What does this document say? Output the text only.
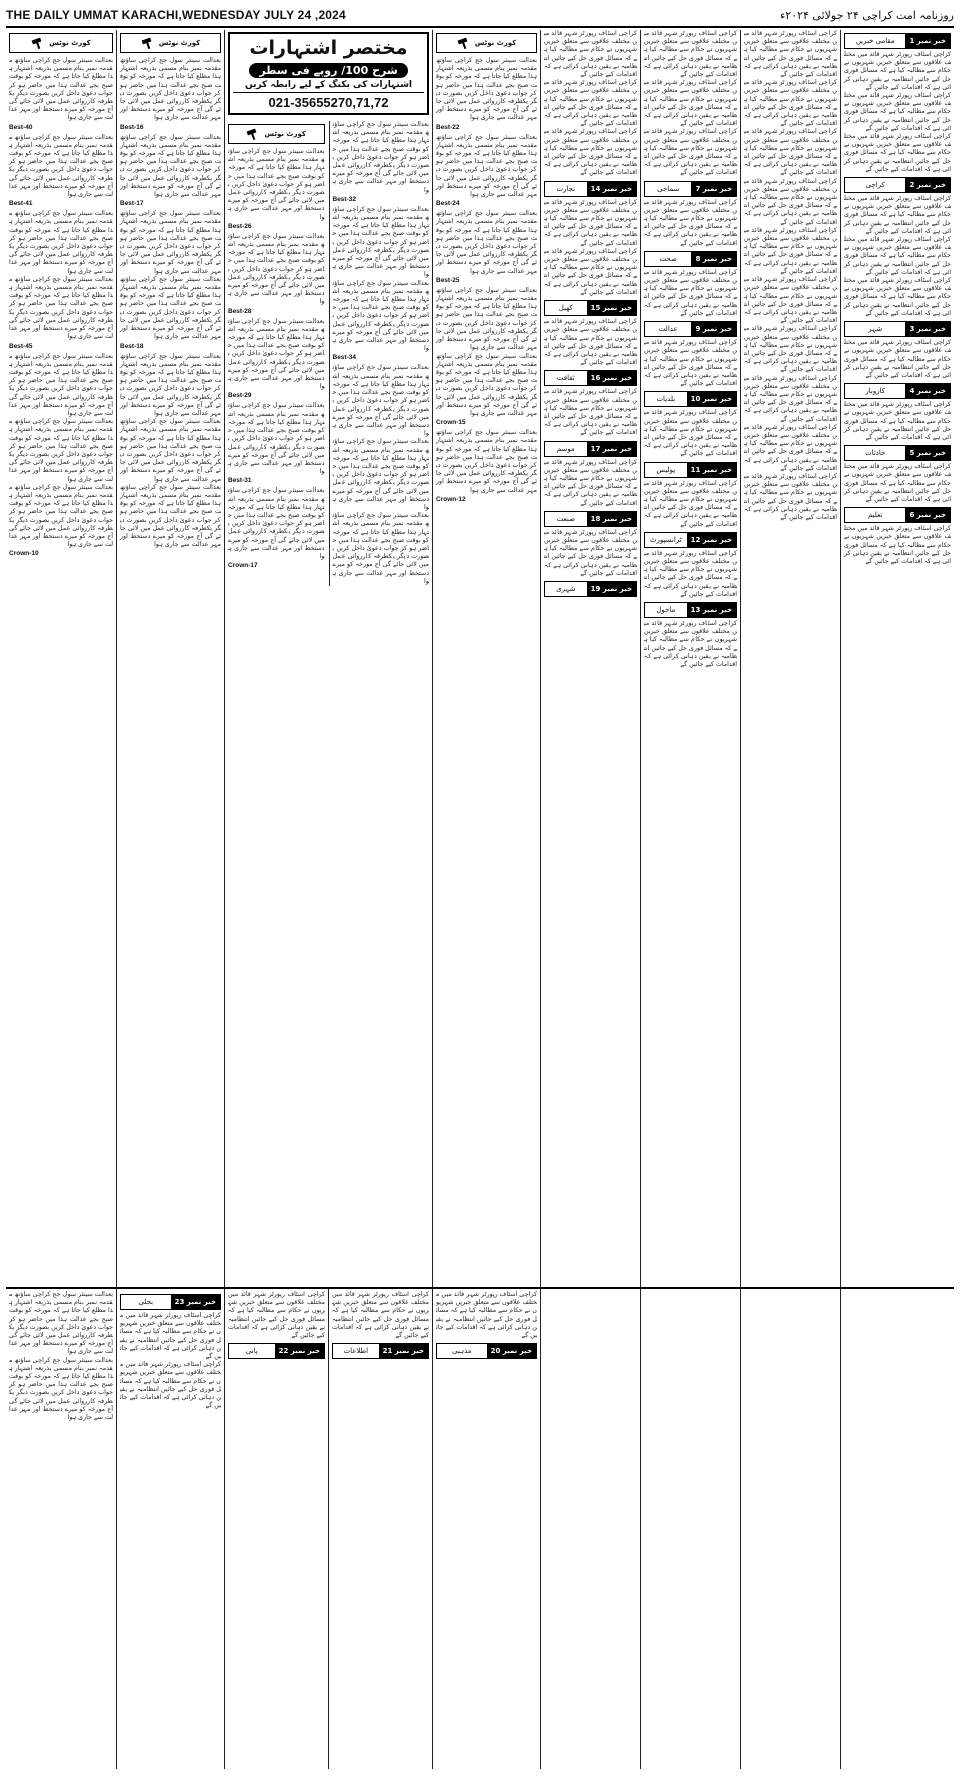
THE DAILY UMMAT KARACHI,WEDNESDAY JULY 24 ,2024	روزنامہ امت کراچی ۲۴ جولائی ۲۰۲۴ء
کورٹ نوٹس
بعدالت سینئر سول جج کراچی ساؤتھ مقدمہ نمبر بنام مسمی بذریعہ اشتہار ہذا مطلع کیا جاتا ہے کہ مورخہ کو بوقت صبح بجے عدالت ہذا میں حاضر ہو کر جواب دعویٰ داخل کریں بصورت دیگر یکطرفہ کارروائی عمل میں لائی جائے گی آج مورخہ کو میرے دستخط اور مہر عدالت سے جاری ہوا
Best-40
بعدالت سینئر سول جج کراچی ساؤتھ مقدمہ نمبر بنام مسمی بذریعہ اشتہار ہذا مطلع کیا جاتا ہے کہ مورخہ کو بوقت صبح بجے عدالت ہذا میں حاضر ہو کر جواب دعویٰ داخل کریں بصورت دیگر یکطرفہ کارروائی عمل میں لائی جائے گی آج مورخہ کو میرے دستخط اور مہر عدالت سے جاری ہوا
Best-41
بعدالت سینئر سول جج کراچی ساؤتھ مقدمہ نمبر بنام مسمی بذریعہ اشتہار ہذا مطلع کیا جاتا ہے کہ مورخہ کو بوقت صبح بجے عدالت ہذا میں حاضر ہو کر جواب دعویٰ داخل کریں بصورت دیگر یکطرفہ کارروائی عمل میں لائی جائے گی آج مورخہ کو میرے دستخط اور مہر عدالت سے جاری ہوا
بعدالت سینئر سول جج کراچی ساؤتھ مقدمہ نمبر بنام مسمی بذریعہ اشتہار ہذا مطلع کیا جاتا ہے کہ مورخہ کو بوقت صبح بجے عدالت ہذا میں حاضر ہو کر جواب دعویٰ داخل کریں بصورت دیگر یکطرفہ کارروائی عمل میں لائی جائے گی آج مورخہ کو میرے دستخط اور مہر عدالت سے جاری ہوا
Best-45
بعدالت سینئر سول جج کراچی ساؤتھ مقدمہ نمبر بنام مسمی بذریعہ اشتہار ہذا مطلع کیا جاتا ہے کہ مورخہ کو بوقت صبح بجے عدالت ہذا میں حاضر ہو کر جواب دعویٰ داخل کریں بصورت دیگر یکطرفہ کارروائی عمل میں لائی جائے گی آج مورخہ کو میرے دستخط اور مہر عدالت سے جاری ہوا
بعدالت سینئر سول جج کراچی ساؤتھ مقدمہ نمبر بنام مسمی بذریعہ اشتہار ہذا مطلع کیا جاتا ہے کہ مورخہ کو بوقت صبح بجے عدالت ہذا میں حاضر ہو کر جواب دعویٰ داخل کریں بصورت دیگر یکطرفہ کارروائی عمل میں لائی جائے گی آج مورخہ کو میرے دستخط اور مہر عدالت سے جاری ہوا
بعدالت سینئر سول جج کراچی ساؤتھ مقدمہ نمبر بنام مسمی بذریعہ اشتہار ہذا مطلع کیا جاتا ہے کہ مورخہ کو بوقت صبح بجے عدالت ہذا میں حاضر ہو کر جواب دعویٰ داخل کریں بصورت دیگر یکطرفہ کارروائی عمل میں لائی جائے گی آج مورخہ کو میرے دستخط اور مہر عدالت سے جاری ہوا
Crown-10
کورٹ نوٹس
بعدالت سینئر سول جج کراچی ساؤتھ مقدمہ نمبر بنام مسمی بذریعہ اشتہار ہذا مطلع کیا جاتا ہے کہ مورخہ کو بوقت صبح بجے عدالت ہذا میں حاضر ہو کر جواب دعویٰ داخل کریں بصورت دیگر یکطرفہ کارروائی عمل میں لائی جائے گی آج مورخہ کو میرے دستخط اور مہر عدالت سے جاری ہوا
Best-16
بعدالت سینئر سول جج کراچی ساؤتھ مقدمہ نمبر بنام مسمی بذریعہ اشتہار ہذا مطلع کیا جاتا ہے کہ مورخہ کو بوقت صبح بجے عدالت ہذا میں حاضر ہو کر جواب دعویٰ داخل کریں بصورت دیگر یکطرفہ کارروائی عمل میں لائی جائے گی آج مورخہ کو میرے دستخط اور مہر عدالت سے جاری ہوا
Best-17
بعدالت سینئر سول جج کراچی ساؤتھ مقدمہ نمبر بنام مسمی بذریعہ اشتہار ہذا مطلع کیا جاتا ہے کہ مورخہ کو بوقت صبح بجے عدالت ہذا میں حاضر ہو کر جواب دعویٰ داخل کریں بصورت دیگر یکطرفہ کارروائی عمل میں لائی جائے گی آج مورخہ کو میرے دستخط اور مہر عدالت سے جاری ہوا
بعدالت سینئر سول جج کراچی ساؤتھ مقدمہ نمبر بنام مسمی بذریعہ اشتہار ہذا مطلع کیا جاتا ہے کہ مورخہ کو بوقت صبح بجے عدالت ہذا میں حاضر ہو کر جواب دعویٰ داخل کریں بصورت دیگر یکطرفہ کارروائی عمل میں لائی جائے گی آج مورخہ کو میرے دستخط اور مہر عدالت سے جاری ہوا
Best-18
بعدالت سینئر سول جج کراچی ساؤتھ مقدمہ نمبر بنام مسمی بذریعہ اشتہار ہذا مطلع کیا جاتا ہے کہ مورخہ کو بوقت صبح بجے عدالت ہذا میں حاضر ہو کر جواب دعویٰ داخل کریں بصورت دیگر یکطرفہ کارروائی عمل میں لائی جائے گی آج مورخہ کو میرے دستخط اور مہر عدالت سے جاری ہوا
بعدالت سینئر سول جج کراچی ساؤتھ مقدمہ نمبر بنام مسمی بذریعہ اشتہار ہذا مطلع کیا جاتا ہے کہ مورخہ کو بوقت صبح بجے عدالت ہذا میں حاضر ہو کر جواب دعویٰ داخل کریں بصورت دیگر یکطرفہ کارروائی عمل میں لائی جائے گی آج مورخہ کو میرے دستخط اور مہر عدالت سے جاری ہوا
بعدالت سینئر سول جج کراچی ساؤتھ مقدمہ نمبر بنام مسمی بذریعہ اشتہار ہذا مطلع کیا جاتا ہے کہ مورخہ کو بوقت صبح بجے عدالت ہذا میں حاضر ہو کر جواب دعویٰ داخل کریں بصورت دیگر یکطرفہ کارروائی عمل میں لائی جائے گی آج مورخہ کو میرے دستخط اور مہر عدالت سے جاری ہوا
مختصر اشتہارات
شرح 100/ روپے فی سطر
اشتہارات کی بکنگ کے لیے رابطہ کریں
021-35655270,71,72
کورٹ نوٹس
بعدالت سینئر سول جج کراچی ساؤتھ مقدمہ نمبر بنام مسمی بذریعہ اشتہار ہذا مطلع کیا جاتا ہے کہ مورخہ کو بوقت صبح بجے عدالت ہذا میں حاضر ہو کر جواب دعویٰ داخل کریں بصورت دیگر یکطرفہ کارروائی عمل میں لائی جائے گی آج مورخہ کو میرے دستخط اور مہر عدالت سے جاری ہوا
Best-26
بعدالت سینئر سول جج کراچی ساؤتھ مقدمہ نمبر بنام مسمی بذریعہ اشتہار ہذا مطلع کیا جاتا ہے کہ مورخہ کو بوقت صبح بجے عدالت ہذا میں حاضر ہو کر جواب دعویٰ داخل کریں بصورت دیگر یکطرفہ کارروائی عمل میں لائی جائے گی آج مورخہ کو میرے دستخط اور مہر عدالت سے جاری ہوا
Best-28
بعدالت سینئر سول جج کراچی ساؤتھ مقدمہ نمبر بنام مسمی بذریعہ اشتہار ہذا مطلع کیا جاتا ہے کہ مورخہ کو بوقت صبح بجے عدالت ہذا میں حاضر ہو کر جواب دعویٰ داخل کریں بصورت دیگر یکطرفہ کارروائی عمل میں لائی جائے گی آج مورخہ کو میرے دستخط اور مہر عدالت سے جاری ہوا
Best-29
بعدالت سینئر سول جج کراچی ساؤتھ مقدمہ نمبر بنام مسمی بذریعہ اشتہار ہذا مطلع کیا جاتا ہے کہ مورخہ کو بوقت صبح بجے عدالت ہذا میں حاضر ہو کر جواب دعویٰ داخل کریں بصورت دیگر یکطرفہ کارروائی عمل میں لائی جائے گی آج مورخہ کو میرے دستخط اور مہر عدالت سے جاری ہوا
Best-31
بعدالت سینئر سول جج کراچی ساؤتھ مقدمہ نمبر بنام مسمی بذریعہ اشتہار ہذا مطلع کیا جاتا ہے کہ مورخہ کو بوقت صبح بجے عدالت ہذا میں حاضر ہو کر جواب دعویٰ داخل کریں بصورت دیگر یکطرفہ کارروائی عمل میں لائی جائے گی آج مورخہ کو میرے دستخط اور مہر عدالت سے جاری ہوا
Crown-17
بعدالت سینئر سول جج کراچی ساؤتھ مقدمہ نمبر بنام مسمی بذریعہ اشتہار ہذا مطلع کیا جاتا ہے کہ مورخہ کو بوقت صبح بجے عدالت ہذا میں حاضر ہو کر جواب دعویٰ داخل کریں بصورت دیگر یکطرفہ کارروائی عمل میں لائی جائے گی آج مورخہ کو میرے دستخط اور مہر عدالت سے جاری ہوا
Best-32
بعدالت سینئر سول جج کراچی ساؤتھ مقدمہ نمبر بنام مسمی بذریعہ اشتہار ہذا مطلع کیا جاتا ہے کہ مورخہ کو بوقت صبح بجے عدالت ہذا میں حاضر ہو کر جواب دعویٰ داخل کریں بصورت دیگر یکطرفہ کارروائی عمل میں لائی جائے گی آج مورخہ کو میرے دستخط اور مہر عدالت سے جاری ہوا
بعدالت سینئر سول جج کراچی ساؤتھ مقدمہ نمبر بنام مسمی بذریعہ اشتہار ہذا مطلع کیا جاتا ہے کہ مورخہ کو بوقت صبح بجے عدالت ہذا میں حاضر ہو کر جواب دعویٰ داخل کریں بصورت دیگر یکطرفہ کارروائی عمل میں لائی جائے گی آج مورخہ کو میرے دستخط اور مہر عدالت سے جاری ہوا
Best-34
بعدالت سینئر سول جج کراچی ساؤتھ مقدمہ نمبر بنام مسمی بذریعہ اشتہار ہذا مطلع کیا جاتا ہے کہ مورخہ کو بوقت صبح بجے عدالت ہذا میں حاضر ہو کر جواب دعویٰ داخل کریں بصورت دیگر یکطرفہ کارروائی عمل میں لائی جائے گی آج مورخہ کو میرے دستخط اور مہر عدالت سے جاری ہوا
بعدالت سینئر سول جج کراچی ساؤتھ مقدمہ نمبر بنام مسمی بذریعہ اشتہار ہذا مطلع کیا جاتا ہے کہ مورخہ کو بوقت صبح بجے عدالت ہذا میں حاضر ہو کر جواب دعویٰ داخل کریں بصورت دیگر یکطرفہ کارروائی عمل میں لائی جائے گی آج مورخہ کو میرے دستخط اور مہر عدالت سے جاری ہوا
بعدالت سینئر سول جج کراچی ساؤتھ مقدمہ نمبر بنام مسمی بذریعہ اشتہار ہذا مطلع کیا جاتا ہے کہ مورخہ کو بوقت صبح بجے عدالت ہذا میں حاضر ہو کر جواب دعویٰ داخل کریں بصورت دیگر یکطرفہ کارروائی عمل میں لائی جائے گی آج مورخہ کو میرے دستخط اور مہر عدالت سے جاری ہوا
کورٹ نوٹس
بعدالت سینئر سول جج کراچی ساؤتھ مقدمہ نمبر بنام مسمی بذریعہ اشتہار ہذا مطلع کیا جاتا ہے کہ مورخہ کو بوقت صبح بجے عدالت ہذا میں حاضر ہو کر جواب دعویٰ داخل کریں بصورت دیگر یکطرفہ کارروائی عمل میں لائی جائے گی آج مورخہ کو میرے دستخط اور مہر عدالت سے جاری ہوا
Best-22
بعدالت سینئر سول جج کراچی ساؤتھ مقدمہ نمبر بنام مسمی بذریعہ اشتہار ہذا مطلع کیا جاتا ہے کہ مورخہ کو بوقت صبح بجے عدالت ہذا میں حاضر ہو کر جواب دعویٰ داخل کریں بصورت دیگر یکطرفہ کارروائی عمل میں لائی جائے گی آج مورخہ کو میرے دستخط اور مہر عدالت سے جاری ہوا
Best-24
بعدالت سینئر سول جج کراچی ساؤتھ مقدمہ نمبر بنام مسمی بذریعہ اشتہار ہذا مطلع کیا جاتا ہے کہ مورخہ کو بوقت صبح بجے عدالت ہذا میں حاضر ہو کر جواب دعویٰ داخل کریں بصورت دیگر یکطرفہ کارروائی عمل میں لائی جائے گی آج مورخہ کو میرے دستخط اور مہر عدالت سے جاری ہوا
Best-25
بعدالت سینئر سول جج کراچی ساؤتھ مقدمہ نمبر بنام مسمی بذریعہ اشتہار ہذا مطلع کیا جاتا ہے کہ مورخہ کو بوقت صبح بجے عدالت ہذا میں حاضر ہو کر جواب دعویٰ داخل کریں بصورت دیگر یکطرفہ کارروائی عمل میں لائی جائے گی آج مورخہ کو میرے دستخط اور مہر عدالت سے جاری ہوا
بعدالت سینئر سول جج کراچی ساؤتھ مقدمہ نمبر بنام مسمی بذریعہ اشتہار ہذا مطلع کیا جاتا ہے کہ مورخہ کو بوقت صبح بجے عدالت ہذا میں حاضر ہو کر جواب دعویٰ داخل کریں بصورت دیگر یکطرفہ کارروائی عمل میں لائی جائے گی آج مورخہ کو میرے دستخط اور مہر عدالت سے جاری ہوا
Crown-15
بعدالت سینئر سول جج کراچی ساؤتھ مقدمہ نمبر بنام مسمی بذریعہ اشتہار ہذا مطلع کیا جاتا ہے کہ مورخہ کو بوقت صبح بجے عدالت ہذا میں حاضر ہو کر جواب دعویٰ داخل کریں بصورت دیگر یکطرفہ کارروائی عمل میں لائی جائے گی آج مورخہ کو میرے دستخط اور مہر عدالت سے جاری ہوا
Crown-12
کراچی اسٹاف رپورٹر شہر قائد میں مختلف علاقوں سے متعلق خبریں شہریوں نے حکام سے مطالبہ کیا ہے کہ مسائل فوری حل کیے جائیں انتظامیہ نے یقین دہانی کرائی ہے کہ اقدامات کیے جائیں گے
کراچی اسٹاف رپورٹر شہر قائد میں مختلف علاقوں سے متعلق خبریں شہریوں نے حکام سے مطالبہ کیا ہے کہ مسائل فوری حل کیے جائیں انتظامیہ نے یقین دہانی کرائی ہے کہ اقدامات کیے جائیں گے
کراچی اسٹاف رپورٹر شہر قائد میں مختلف علاقوں سے متعلق خبریں شہریوں نے حکام سے مطالبہ کیا ہے کہ مسائل فوری حل کیے جائیں انتظامیہ نے یقین دہانی کرائی ہے کہ اقدامات کیے جائیں گے
خبر نمبر 14
تجارت
کراچی اسٹاف رپورٹر شہر قائد میں مختلف علاقوں سے متعلق خبریں شہریوں نے حکام سے مطالبہ کیا ہے کہ مسائل فوری حل کیے جائیں انتظامیہ نے یقین دہانی کرائی ہے کہ اقدامات کیے جائیں گے
کراچی اسٹاف رپورٹر شہر قائد میں مختلف علاقوں سے متعلق خبریں شہریوں نے حکام سے مطالبہ کیا ہے کہ مسائل فوری حل کیے جائیں انتظامیہ نے یقین دہانی کرائی ہے کہ اقدامات کیے جائیں گے
خبر نمبر 15
کھیل
کراچی اسٹاف رپورٹر شہر قائد میں مختلف علاقوں سے متعلق خبریں شہریوں نے حکام سے مطالبہ کیا ہے کہ مسائل فوری حل کیے جائیں انتظامیہ نے یقین دہانی کرائی ہے کہ اقدامات کیے جائیں گے
خبر نمبر 16
ثقافت
کراچی اسٹاف رپورٹر شہر قائد میں مختلف علاقوں سے متعلق خبریں شہریوں نے حکام سے مطالبہ کیا ہے کہ مسائل فوری حل کیے جائیں انتظامیہ نے یقین دہانی کرائی ہے کہ اقدامات کیے جائیں گے
خبر نمبر 17
موسم
کراچی اسٹاف رپورٹر شہر قائد میں مختلف علاقوں سے متعلق خبریں شہریوں نے حکام سے مطالبہ کیا ہے کہ مسائل فوری حل کیے جائیں انتظامیہ نے یقین دہانی کرائی ہے کہ اقدامات کیے جائیں گے
خبر نمبر 18
صنعت
کراچی اسٹاف رپورٹر شہر قائد میں مختلف علاقوں سے متعلق خبریں شہریوں نے حکام سے مطالبہ کیا ہے کہ مسائل فوری حل کیے جائیں انتظامیہ نے یقین دہانی کرائی ہے کہ اقدامات کیے جائیں گے
خبر نمبر 19
شہری
کراچی اسٹاف رپورٹر شہر قائد میں مختلف علاقوں سے متعلق خبریں شہریوں نے حکام سے مطالبہ کیا ہے کہ مسائل فوری حل کیے جائیں انتظامیہ نے یقین دہانی کرائی ہے کہ اقدامات کیے جائیں گے
کراچی اسٹاف رپورٹر شہر قائد میں مختلف علاقوں سے متعلق خبریں شہریوں نے حکام سے مطالبہ کیا ہے کہ مسائل فوری حل کیے جائیں انتظامیہ نے یقین دہانی کرائی ہے کہ اقدامات کیے جائیں گے
کراچی اسٹاف رپورٹر شہر قائد میں مختلف علاقوں سے متعلق خبریں شہریوں نے حکام سے مطالبہ کیا ہے کہ مسائل فوری حل کیے جائیں انتظامیہ نے یقین دہانی کرائی ہے کہ اقدامات کیے جائیں گے
خبر نمبر 7
سماجی
کراچی اسٹاف رپورٹر شہر قائد میں مختلف علاقوں سے متعلق خبریں شہریوں نے حکام سے مطالبہ کیا ہے کہ مسائل فوری حل کیے جائیں انتظامیہ نے یقین دہانی کرائی ہے کہ اقدامات کیے جائیں گے
خبر نمبر 8
صحت
کراچی اسٹاف رپورٹر شہر قائد میں مختلف علاقوں سے متعلق خبریں شہریوں نے حکام سے مطالبہ کیا ہے کہ مسائل فوری حل کیے جائیں انتظامیہ نے یقین دہانی کرائی ہے کہ اقدامات کیے جائیں گے
خبر نمبر 9
عدالت
کراچی اسٹاف رپورٹر شہر قائد میں مختلف علاقوں سے متعلق خبریں شہریوں نے حکام سے مطالبہ کیا ہے کہ مسائل فوری حل کیے جائیں انتظامیہ نے یقین دہانی کرائی ہے کہ اقدامات کیے جائیں گے
خبر نمبر 10
بلدیات
کراچی اسٹاف رپورٹر شہر قائد میں مختلف علاقوں سے متعلق خبریں شہریوں نے حکام سے مطالبہ کیا ہے کہ مسائل فوری حل کیے جائیں انتظامیہ نے یقین دہانی کرائی ہے کہ اقدامات کیے جائیں گے
خبر نمبر 11
پولیس
کراچی اسٹاف رپورٹر شہر قائد میں مختلف علاقوں سے متعلق خبریں شہریوں نے حکام سے مطالبہ کیا ہے کہ مسائل فوری حل کیے جائیں انتظامیہ نے یقین دہانی کرائی ہے کہ اقدامات کیے جائیں گے
خبر نمبر 12
ٹرانسپورٹ
کراچی اسٹاف رپورٹر شہر قائد میں مختلف علاقوں سے متعلق خبریں شہریوں نے حکام سے مطالبہ کیا ہے کہ مسائل فوری حل کیے جائیں انتظامیہ نے یقین دہانی کرائی ہے کہ اقدامات کیے جائیں گے
خبر نمبر 13
ماحول
کراچی اسٹاف رپورٹر شہر قائد میں مختلف علاقوں سے متعلق خبریں شہریوں نے حکام سے مطالبہ کیا ہے کہ مسائل فوری حل کیے جائیں انتظامیہ نے یقین دہانی کرائی ہے کہ اقدامات کیے جائیں گے
کراچی اسٹاف رپورٹر شہر قائد میں مختلف علاقوں سے متعلق خبریں شہریوں نے حکام سے مطالبہ کیا ہے کہ مسائل فوری حل کیے جائیں انتظامیہ نے یقین دہانی کرائی ہے کہ اقدامات کیے جائیں گے
کراچی اسٹاف رپورٹر شہر قائد میں مختلف علاقوں سے متعلق خبریں شہریوں نے حکام سے مطالبہ کیا ہے کہ مسائل فوری حل کیے جائیں انتظامیہ نے یقین دہانی کرائی ہے کہ اقدامات کیے جائیں گے
کراچی اسٹاف رپورٹر شہر قائد میں مختلف علاقوں سے متعلق خبریں شہریوں نے حکام سے مطالبہ کیا ہے کہ مسائل فوری حل کیے جائیں انتظامیہ نے یقین دہانی کرائی ہے کہ اقدامات کیے جائیں گے
کراچی اسٹاف رپورٹر شہر قائد میں مختلف علاقوں سے متعلق خبریں شہریوں نے حکام سے مطالبہ کیا ہے کہ مسائل فوری حل کیے جائیں انتظامیہ نے یقین دہانی کرائی ہے کہ اقدامات کیے جائیں گے
کراچی اسٹاف رپورٹر شہر قائد میں مختلف علاقوں سے متعلق خبریں شہریوں نے حکام سے مطالبہ کیا ہے کہ مسائل فوری حل کیے جائیں انتظامیہ نے یقین دہانی کرائی ہے کہ اقدامات کیے جائیں گے
کراچی اسٹاف رپورٹر شہر قائد میں مختلف علاقوں سے متعلق خبریں شہریوں نے حکام سے مطالبہ کیا ہے کہ مسائل فوری حل کیے جائیں انتظامیہ نے یقین دہانی کرائی ہے کہ اقدامات کیے جائیں گے
کراچی اسٹاف رپورٹر شہر قائد میں مختلف علاقوں سے متعلق خبریں شہریوں نے حکام سے مطالبہ کیا ہے کہ مسائل فوری حل کیے جائیں انتظامیہ نے یقین دہانی کرائی ہے کہ اقدامات کیے جائیں گے
کراچی اسٹاف رپورٹر شہر قائد میں مختلف علاقوں سے متعلق خبریں شہریوں نے حکام سے مطالبہ کیا ہے کہ مسائل فوری حل کیے جائیں انتظامیہ نے یقین دہانی کرائی ہے کہ اقدامات کیے جائیں گے
کراچی اسٹاف رپورٹر شہر قائد میں مختلف علاقوں سے متعلق خبریں شہریوں نے حکام سے مطالبہ کیا ہے کہ مسائل فوری حل کیے جائیں انتظامیہ نے یقین دہانی کرائی ہے کہ اقدامات کیے جائیں گے
کراچی اسٹاف رپورٹر شہر قائد میں مختلف علاقوں سے متعلق خبریں شہریوں نے حکام سے مطالبہ کیا ہے کہ مسائل فوری حل کیے جائیں انتظامیہ نے یقین دہانی کرائی ہے کہ اقدامات کیے جائیں گے
خبر نمبر 1
مقامی خبریں
کراچی اسٹاف رپورٹر شہر قائد میں مختلف علاقوں سے متعلق خبریں شہریوں نے حکام سے مطالبہ کیا ہے کہ مسائل فوری حل کیے جائیں انتظامیہ نے یقین دہانی کرائی ہے کہ اقدامات کیے جائیں گے
کراچی اسٹاف رپورٹر شہر قائد میں مختلف علاقوں سے متعلق خبریں شہریوں نے حکام سے مطالبہ کیا ہے کہ مسائل فوری حل کیے جائیں انتظامیہ نے یقین دہانی کرائی ہے کہ اقدامات کیے جائیں گے
کراچی اسٹاف رپورٹر شہر قائد میں مختلف علاقوں سے متعلق خبریں شہریوں نے حکام سے مطالبہ کیا ہے کہ مسائل فوری حل کیے جائیں انتظامیہ نے یقین دہانی کرائی ہے کہ اقدامات کیے جائیں گے
خبر نمبر 2
کراچی
کراچی اسٹاف رپورٹر شہر قائد میں مختلف علاقوں سے متعلق خبریں شہریوں نے حکام سے مطالبہ کیا ہے کہ مسائل فوری حل کیے جائیں انتظامیہ نے یقین دہانی کرائی ہے کہ اقدامات کیے جائیں گے
کراچی اسٹاف رپورٹر شہر قائد میں مختلف علاقوں سے متعلق خبریں شہریوں نے حکام سے مطالبہ کیا ہے کہ مسائل فوری حل کیے جائیں انتظامیہ نے یقین دہانی کرائی ہے کہ اقدامات کیے جائیں گے
کراچی اسٹاف رپورٹر شہر قائد میں مختلف علاقوں سے متعلق خبریں شہریوں نے حکام سے مطالبہ کیا ہے کہ مسائل فوری حل کیے جائیں انتظامیہ نے یقین دہانی کرائی ہے کہ اقدامات کیے جائیں گے
خبر نمبر 3
شہر
کراچی اسٹاف رپورٹر شہر قائد میں مختلف علاقوں سے متعلق خبریں شہریوں نے حکام سے مطالبہ کیا ہے کہ مسائل فوری حل کیے جائیں انتظامیہ نے یقین دہانی کرائی ہے کہ اقدامات کیے جائیں گے
خبر نمبر 4
کاروبار
کراچی اسٹاف رپورٹر شہر قائد میں مختلف علاقوں سے متعلق خبریں شہریوں نے حکام سے مطالبہ کیا ہے کہ مسائل فوری حل کیے جائیں انتظامیہ نے یقین دہانی کرائی ہے کہ اقدامات کیے جائیں گے
خبر نمبر 5
حادثات
کراچی اسٹاف رپورٹر شہر قائد میں مختلف علاقوں سے متعلق خبریں شہریوں نے حکام سے مطالبہ کیا ہے کہ مسائل فوری حل کیے جائیں انتظامیہ نے یقین دہانی کرائی ہے کہ اقدامات کیے جائیں گے
خبر نمبر 6
تعلیم
کراچی اسٹاف رپورٹر شہر قائد میں مختلف علاقوں سے متعلق خبریں شہریوں نے حکام سے مطالبہ کیا ہے کہ مسائل فوری حل کیے جائیں انتظامیہ نے یقین دہانی کرائی ہے کہ اقدامات کیے جائیں گے
بعدالت سینئر سول جج کراچی ساؤتھ مقدمہ نمبر بنام مسمی بذریعہ اشتہار ہذا مطلع کیا جاتا ہے کہ مورخہ کو بوقت صبح بجے عدالت ہذا میں حاضر ہو کر جواب دعویٰ داخل کریں بصورت دیگر یکطرفہ کارروائی عمل میں لائی جائے گی آج مورخہ کو میرے دستخط اور مہر عدالت سے جاری ہوا
بعدالت سینئر سول جج کراچی ساؤتھ مقدمہ نمبر بنام مسمی بذریعہ اشتہار ہذا مطلع کیا جاتا ہے کہ مورخہ کو بوقت صبح بجے عدالت ہذا میں حاضر ہو کر جواب دعویٰ داخل کریں بصورت دیگر یکطرفہ کارروائی عمل میں لائی جائے گی آج مورخہ کو میرے دستخط اور مہر عدالت سے جاری ہوا
خبر نمبر 23
بجلی
کراچی اسٹاف رپورٹر شہر قائد میں مختلف علاقوں سے متعلق خبریں شہریوں نے حکام سے مطالبہ کیا ہے کہ مسائل فوری حل کیے جائیں انتظامیہ نے یقین دہانی کرائی ہے کہ اقدامات کیے جائیں گے
کراچی اسٹاف رپورٹر شہر قائد میں مختلف علاقوں سے متعلق خبریں شہریوں نے حکام سے مطالبہ کیا ہے کہ مسائل فوری حل کیے جائیں انتظامیہ نے یقین دہانی کرائی ہے کہ اقدامات کیے جائیں گے
کراچی اسٹاف رپورٹر شہر قائد میں مختلف علاقوں سے متعلق خبریں شہریوں نے حکام سے مطالبہ کیا ہے کہ مسائل فوری حل کیے جائیں انتظامیہ نے یقین دہانی کرائی ہے کہ اقدامات کیے جائیں گے
خبر نمبر 22
پانی
کراچی اسٹاف رپورٹر شہر قائد میں مختلف علاقوں سے متعلق خبریں شہریوں نے حکام سے مطالبہ کیا ہے کہ مسائل فوری حل کیے جائیں انتظامیہ نے یقین دہانی کرائی ہے کہ اقدامات کیے جائیں گے
خبر نمبر 21
اطلاعات
کراچی اسٹاف رپورٹر شہر قائد میں مختلف علاقوں سے متعلق خبریں شہریوں نے حکام سے مطالبہ کیا ہے کہ مسائل فوری حل کیے جائیں انتظامیہ نے یقین دہانی کرائی ہے کہ اقدامات کیے جائیں گے
خبر نمبر 20
مذہبی
